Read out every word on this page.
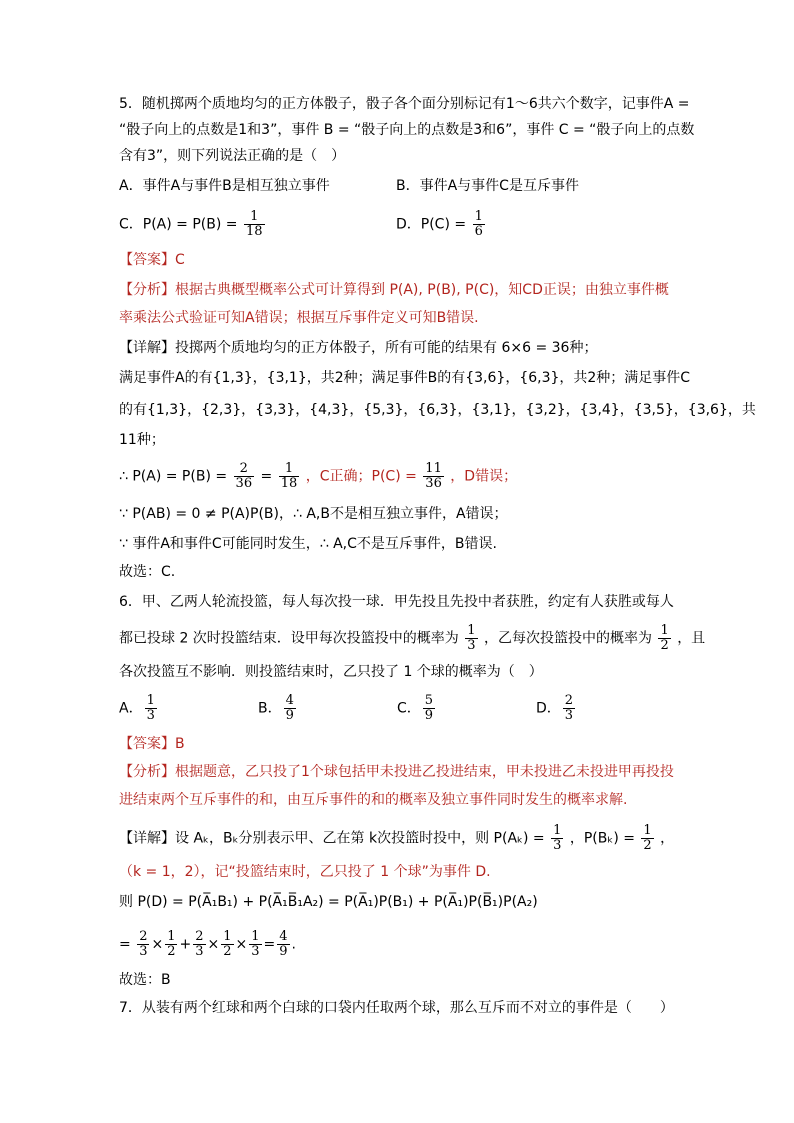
5．随机掷两个质地均匀的正方体骰子，骰子各个面分别标记有1～6共六个数字，记事件A =
“骰子向上的点数是1和3”，事件 B = “骰子向上的点数是3和6”，事件 C = “骰子向上的点数
含有3”，则下列说法正确的是（　）
A．事件A与事件B是相互独立事件	B．事件A与事件C是互斥事件
C．$P(A) = P(B) = \frac{1}{18}$	D．$P(C) = \frac{1}{6}$
【答案】C
【分析】根据古典概型概率公式可计算得到 P(A), P(B), P(C)，知CD正误；由独立事件概
率乘法公式验证可知A错误；根据互斥事件定义可知B错误.
【详解】投掷两个质地均匀的正方体骰子，所有可能的结果有 6×6 = 36种；
满足事件A的有{1,3}，{3,1}，共2种；满足事件B的有{3,6}，{6,3}，共2种；满足事件C
的有{1,3}，{2,3}，{3,3}，{4,3}，{5,3}，{6,3}，{3,1}，{3,2}，{3,4}，{3,5}，{3,6}，共
11种；
∴ $P(A) = P(B) = \frac{2}{36} = \frac{1}{18}$ ，C正确；$P(C) = \frac{11}{36}$ ，D错误；
∵ P(AB) = 0 ≠ P(A)P(B)，∴ A,B不是相互独立事件，A错误；
∵ 事件A和事件C可能同时发生，∴ A,C不是互斥事件，B错误.
故选：C.
6．甲、乙两人轮流投篮，每人每次投一球．甲先投且先投中者获胜，约定有人获胜或每人
都已投球 2 次时投篮结束．设甲每次投篮投中的概率为 $\frac{1}{3}$ ，乙每次投篮投中的概率为 $\frac{1}{2}$ ，且
各次投篮互不影响．则投篮结束时，乙只投了 1 个球的概率为（　）
A． $\frac{1}{3}$	B． $\frac{4}{9}$	C． $\frac{5}{9}$	D． $\frac{2}{3}$
【答案】B
【分析】根据题意，乙只投了1个球包括甲未投进乙投进结束，甲未投进乙未投进甲再投投
进结束两个互斥事件的和，由互斥事件的和的概率及独立事件同时发生的概率求解.
【详解】设 Aₖ，Bₖ分别表示甲、乙在第 k次投篮时投中，则 $P(A_k) = \frac{1}{3}$ ，$P(B_k) = \frac{1}{2}$ ，
（k = 1，2），记“投篮结束时，乙只投了 1 个球”为事件 D.
则 P(D) = P(A̅₁B₁) + P(A̅₁B̅₁A₂) = P(A̅₁)P(B₁) + P(A̅₁)P(B̅₁)P(A₂)
= $\frac{2}{3} \times \frac{1}{2} + \frac{2}{3} \times \frac{1}{2} \times \frac{1}{3} = \frac{4}{9}$ .
故选：B
7．从装有两个红球和两个白球的口袋内任取两个球，那么互斥而不对立的事件是（　　）
